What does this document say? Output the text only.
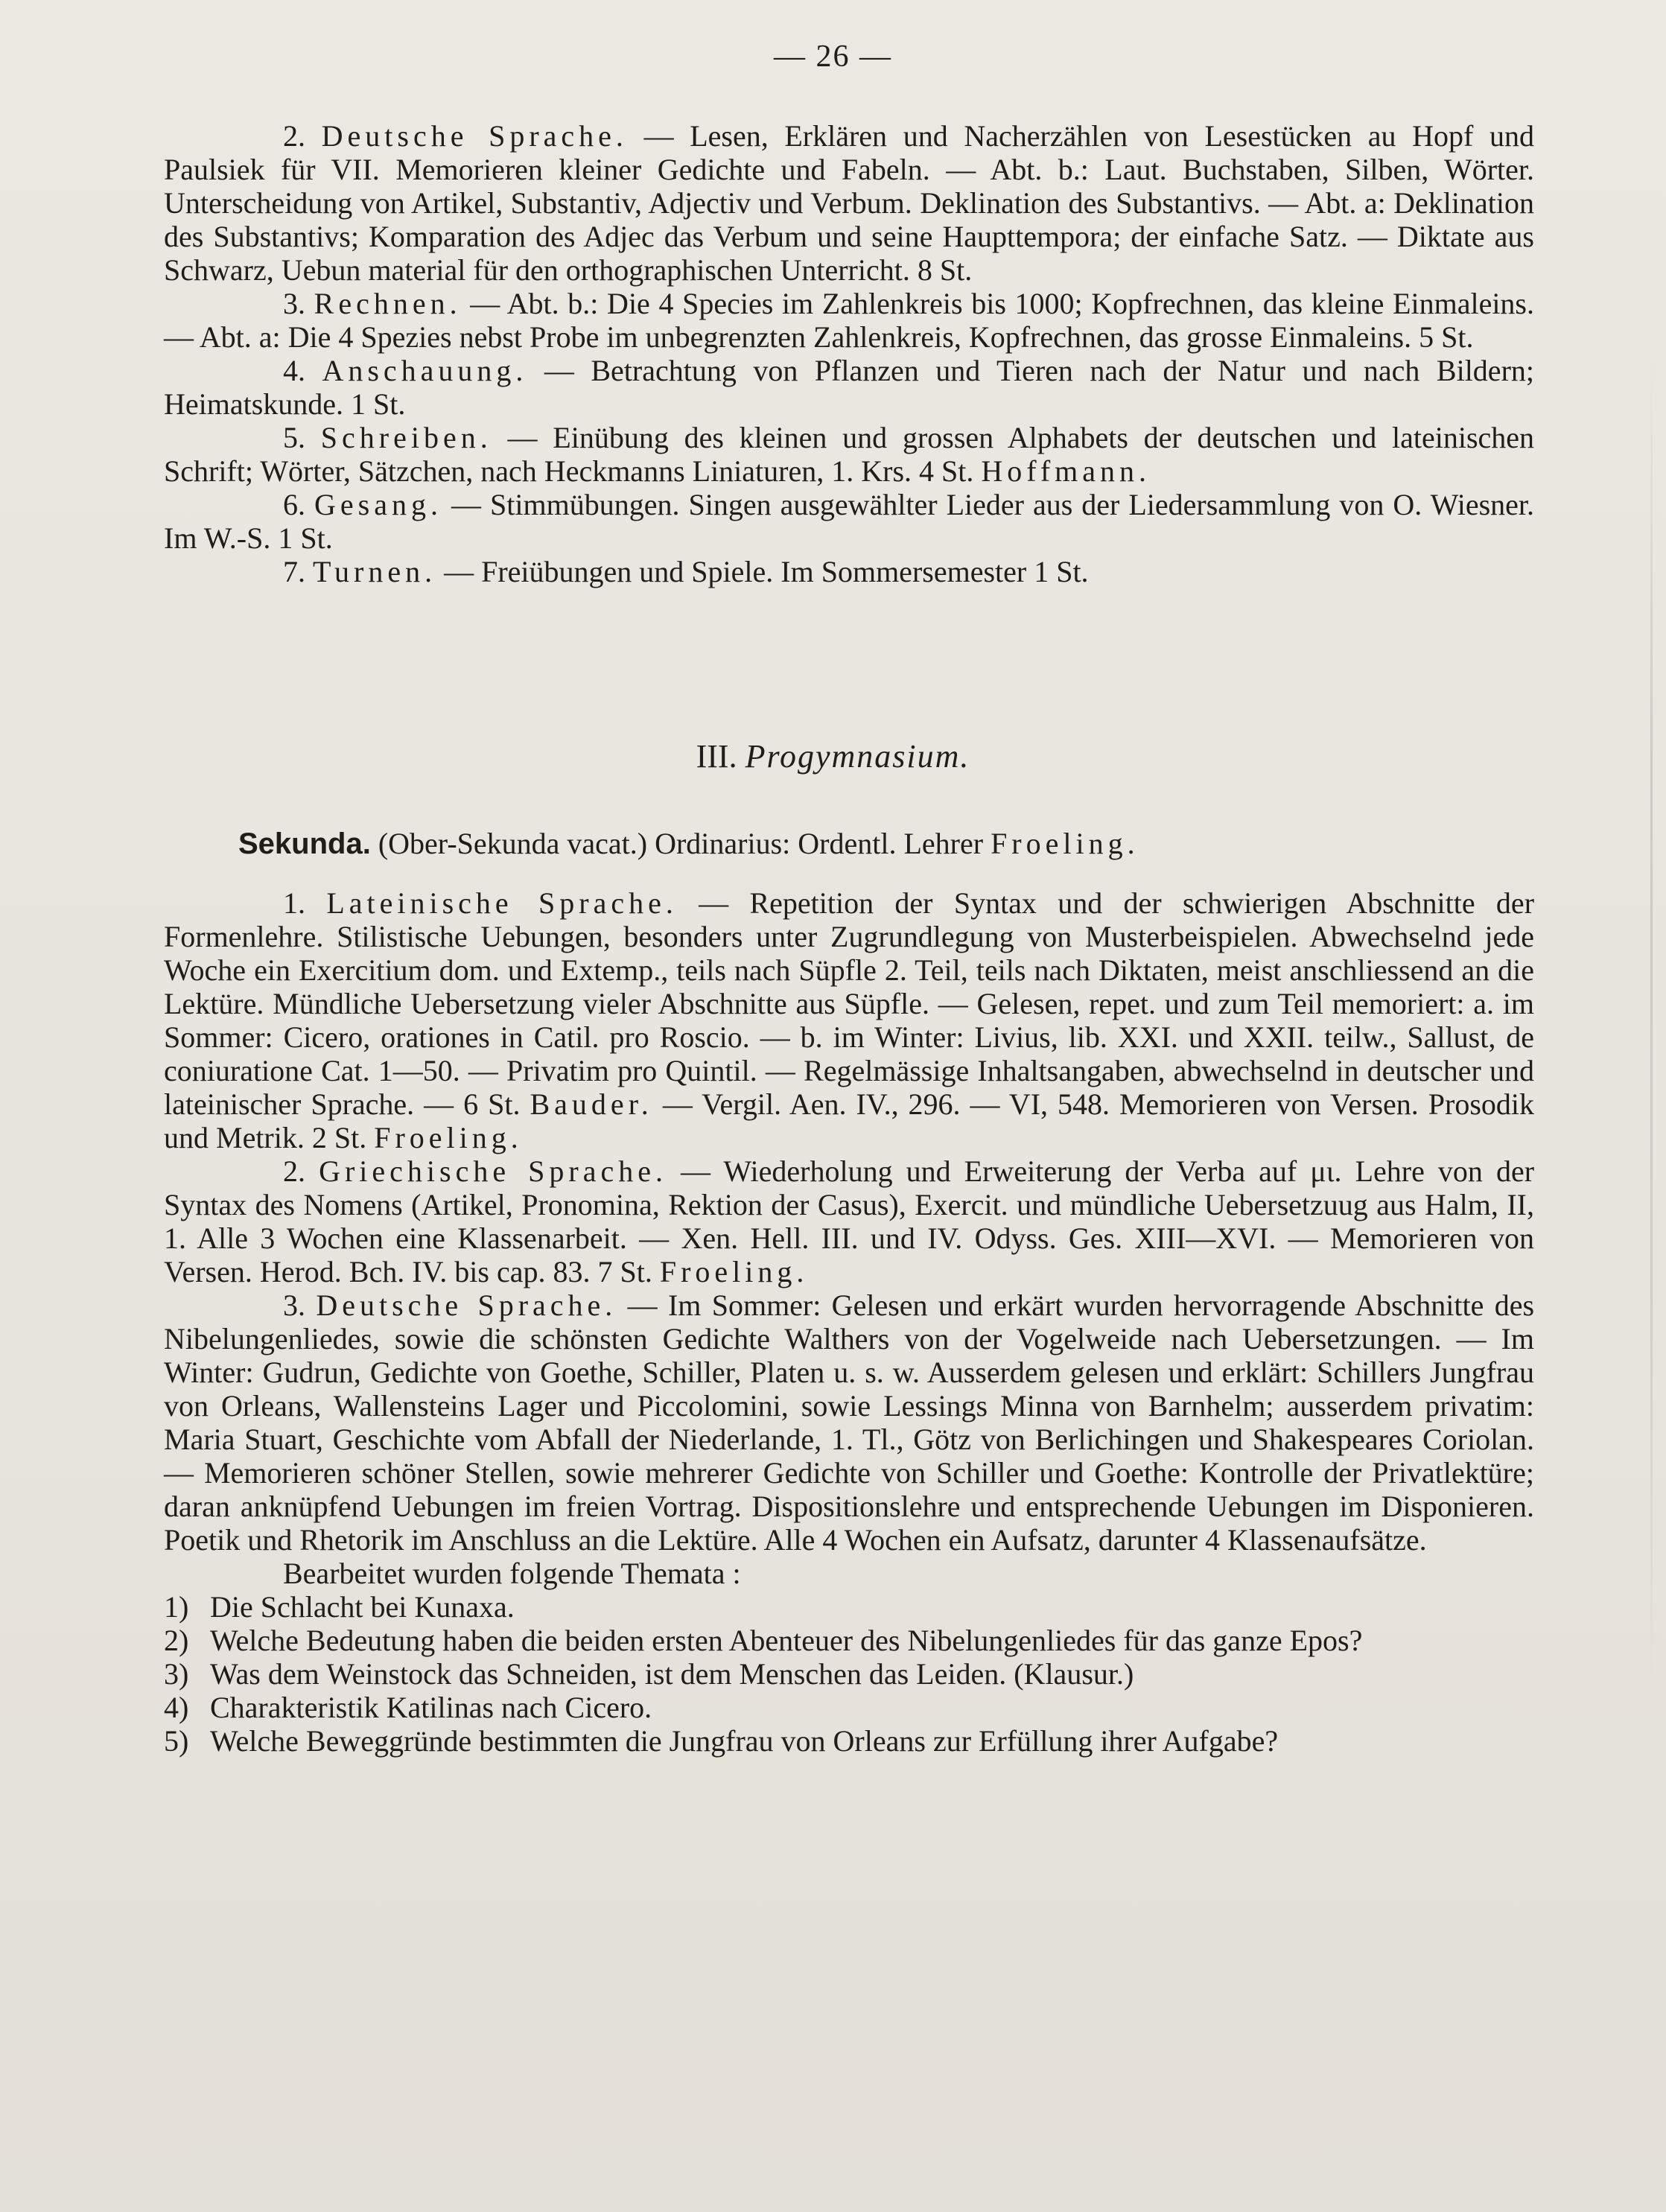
— 26 —

2. Deutsche Sprache. — Lesen, Erklären und Nacherzählen von Lesestücken au Hopf und Paulsiek für VII. Memorieren kleiner Gedichte und Fabeln. — Abt. b.: Laut. Buchstaben, Silben, Wörter. Unterscheidung von Artikel, Substantiv, Adjectiv und Verbum. Deklination des Substantivs. — Abt. a: Deklination des Substantivs; Komparation des Adjec das Verbum und seine Haupttempora; der einfache Satz. — Diktate aus Schwarz, Uebun material für den orthographischen Unterricht. 8 St.

3. Rechnen. — Abt. b.: Die 4 Species im Zahlenkreis bis 1000; Kopfrechnen, das kleine Einmaleins. — Abt. a: Die 4 Spezies nebst Probe im unbegrenzten Zahlenkreis, Kopfrechnen, das grosse Einmaleins. 5 St.

4. Anschauung. — Betrachtung von Pflanzen und Tieren nach der Natur und nach Bildern; Heimatskunde. 1 St.

5. Schreiben. — Einübung des kleinen und grossen Alphabets der deutschen und lateinischen Schrift; Wörter, Sätzchen, nach Heckmanns Liniaturen, 1. Krs. 4 St. Hoffmann.

6. Gesang. — Stimmübungen. Singen ausgewählter Lieder aus der Liedersammlung von O. Wiesner. Im W.-S. 1 St.

7. Turnen. — Freiübungen und Spiele. Im Sommersemester 1 St.

III. Progymnasium.

Sekunda. (Ober-Sekunda vacat.) Ordinarius: Ordentl. Lehrer Froeling.

1. Lateinische Sprache. — Repetition der Syntax und der schwierigen Abschnitte der Formenlehre. Stilistische Uebungen, besonders unter Zugrundlegung von Musterbeispielen. Abwechselnd jede Woche ein Exercitium dom. und Extemp., teils nach Süpfle 2. Teil, teils nach Diktaten, meist anschliessend an die Lektüre. Mündliche Uebersetzung vieler Abschnitte aus Süpfle. — Gelesen, repet. und zum Teil memoriert: a. im Sommer: Cicero, orationes in Catil. pro Roscio. — b. im Winter: Livius, lib. XXI. und XXII. teilw., Sallust, de coniuratione Cat. 1—50. — Privatim pro Quintil. — Regelmässige Inhaltsangaben, abwechselnd in deutscher und lateinischer Sprache. — 6 St. Bauder. — Vergil. Aen. IV., 296. — VI, 548. Memorieren von Versen. Prosodik und Metrik. 2 St. Froeling.

2. Griechische Sprache. — Wiederholung und Erweiterung der Verba auf μι. Lehre von der Syntax des Nomens (Artikel, Pronomina, Rektion der Casus), Exercit. und mündliche Uebersetzuug aus Halm, II, 1. Alle 3 Wochen eine Klassenarbeit. — Xen. Hell. III. und IV. Odyss. Ges. XIII—XVI. — Memorieren von Versen. Herod. Bch. IV. bis cap. 83. 7 St. Froeling.

3. Deutsche Sprache. — Im Sommer: Gelesen und erkärt wurden hervorragende Abschnitte des Nibelungenliedes, sowie die schönsten Gedichte Walthers von der Vogelweide nach Uebersetzungen. — Im Winter: Gudrun, Gedichte von Goethe, Schiller, Platen u. s. w. Ausserdem gelesen und erklärt: Schillers Jungfrau von Orleans, Wallensteins Lager und Piccolomini, sowie Lessings Minna von Barnhelm; ausserdem privatim: Maria Stuart, Geschichte vom Abfall der Niederlande, 1. Tl., Götz von Berlichingen und Shakespeares Coriolan. — Memorieren schöner Stellen, sowie mehrerer Gedichte von Schiller und Goethe: Kontrolle der Privatlektüre; daran anknüpfend Uebungen im freien Vortrag. Dispositionslehre und entsprechende Uebungen im Disponieren. Poetik und Rhetorik im Anschluss an die Lektüre. Alle 4 Wochen ein Aufsatz, darunter 4 Klassenaufsätze.

Bearbeitet wurden folgende Themata :

1) Die Schlacht bei Kunaxa.
2) Welche Bedeutung haben die beiden ersten Abenteuer des Nibelungenliedes für das ganze Epos?
3) Was dem Weinstock das Schneiden, ist dem Menschen das Leiden. (Klausur.)
4) Charakteristik Katilinas nach Cicero.
5) Welche Beweggründe bestimmten die Jungfrau von Orleans zur Erfüllung ihrer Aufgabe?
